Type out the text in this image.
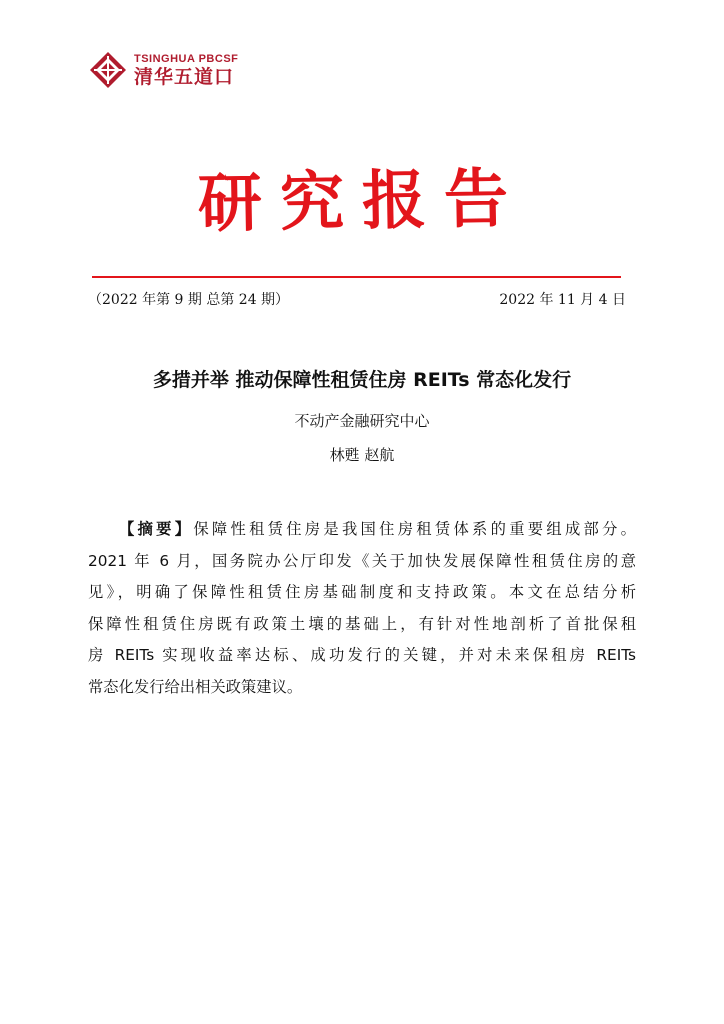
TSINGHUA PBCSF
清华五道口
研究报告
（2022 年第 9 期 总第 24 期）	2022 年 11 月 4 日
多措并举 推动保障性租赁住房 REITs 常态化发行
不动产金融研究中心
林甦 赵航
【摘要】保障性租赁住房是我国住房租赁体系的重要组成部分。
2021 年 6 月，国务院办公厅印发《关于加快发展保障性租赁住房的意
见》，明确了保障性租赁住房基础制度和支持政策。本文在总结分析
保障性租赁住房既有政策土壤的基础上，有针对性地剖析了首批保租
房 REITs 实现收益率达标、成功发行的关键，并对未来保租房 REITs
常态化发行给出相关政策建议。
